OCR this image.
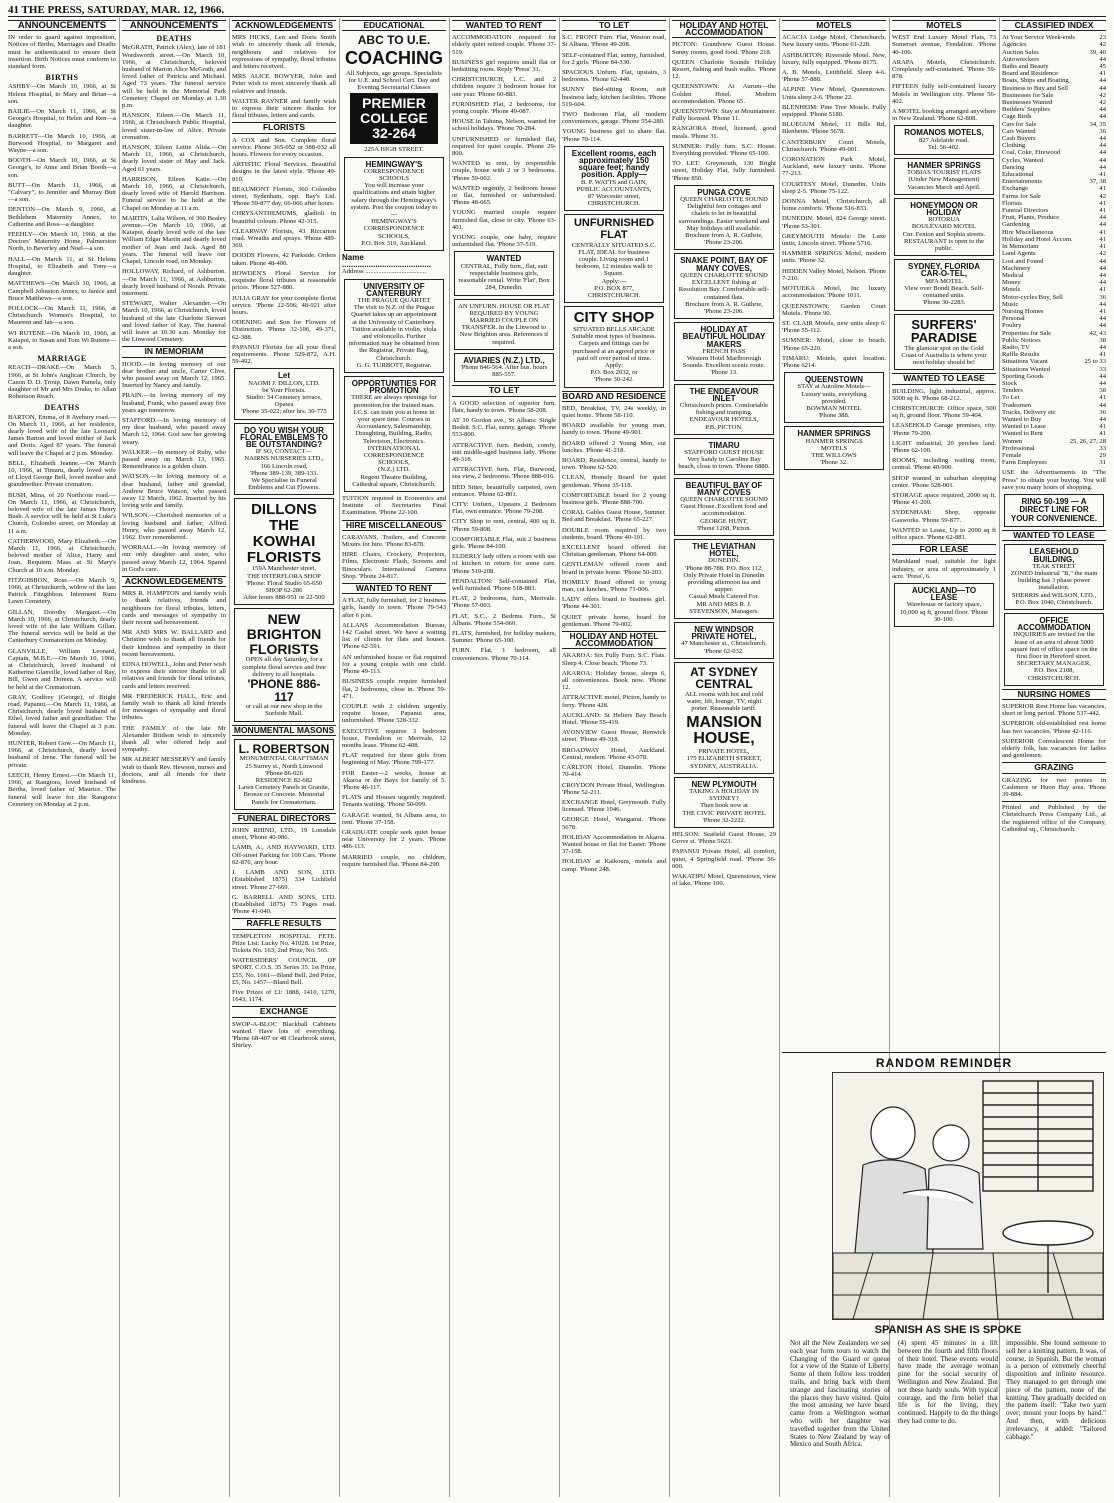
41 THE PRESS, SATURDAY, MAR. 12, 1966.
ANNOUNCEMENTS
IN order to guard against imposition, Notices of Births, Marriages and Deaths must be authenticated to ensure their insertion. Birth Notices must conform to standard form.
BIRTHS
ASHBY—On March 10, 1966, at St Helens Hospital, to Mary and Brian—a son.
BAILIE—On March 11, 1966, at St George's Hospital, to Helen and Ken—a daughter.
BARRETT—On March 10, 1966, at Burwood Hospital, to Margaret and Wayne—a son.
BOOTH—On March 10, 1966, at St George's, to Anne and Brian Booth—a son.
BUTT—On March 11, 1966, at "Calvary", to Jennifer and Murray Butt—a son.
DENTON—On March 9, 1966, at Bethlehem Maternity Annex, to Catherine and Ross—a daughter.
FEEHLY—On March 10, 1966, at the Doctors' Maternity Home, Palmerston North, to Beverley and Noel—a son.
HALL—On March 11, at St Helens Hospital, to Elizabeth and Tony—a daughter.
MATTHEWS—On March 10, 1966, at Campbell Johnston Annex, to Janice and Bruce Matthews—a son.
POLLOCK—On March 11, 1966, at Christchurch Women's Hospital, to Maureen and Ian—a son.
WI RUTENE—On March 10, 1966, at Kaiapoi, to Susan and Tom Wi Rutene—a son.
MARRIAGE
REACH—DRAKE—On March 5, 1966, at St John's Anglican Church, by Canon D. D. Troup, Dawn Pamela, only daughter of Mr and Mrs Drake, to Allan Robertson Reach.
DEATHS
BARTON, Emma, of 8 Avebury road.—On March 11, 1966, at her residence, dearly loved wife of the late Leonard James Barton and loved mother of Jack and Doris. Aged 87 years. The funeral will leave the Chapel at 2 p.m. Monday.
BELL, Elizabeth Jeanne.—On March 10, 1966, at Timaru, dearly loved wife of Lloyd George Bell, loved mother and grandmother. Private cremation.
BUSH, Mina, of 20 Northcote road.—On March 11, 1966, at Christchurch, beloved wife of the late James Henry Bush. A service will be held at St Luke's Church, Colombo street, on Monday at 11 a.m.
CATHERWOOD, Mary Elizabeth.—On March 11, 1966, at Christchurch, beloved mother of Alice, Harry and Joan. Requiem Mass at St Mary's Church at 10 a.m. Monday.
FITZGIBBON, Rose.—On March 9, 1966, at Christchurch, widow of the late Patrick Fitzgibbon. Interment Ruru Lawn Cemetery.
GILLAN, Dorothy Margaret.—On March 10, 1966, at Christchurch, dearly loved wife of the late William Gillan. The funeral service will be held at the Canterbury Crematorium on Monday.
GLANVILLE, William Leonard, Captain, M.B.E.—On March 10, 1966, at Christchurch, loved husband of Katherine Glanville, loved father of Ray, Bill, Gwen and Doreen. A service will be held at the Crematorium.
GRAY, Godfrey (George), of Bright road, Papanui.—On March 11, 1966, at Christchurch, dearly loved husband of Ethel, loved father and grandfather. The funeral will leave the Chapel at 3 p.m. Monday.
HUNTER, Robert Gow.—On March 11, 1966, at Christchurch, dearly loved husband of Irene. The funeral will be private.
LEECH, Henry Ernest.—On March 11, 1966, at Rangiora, loved husband of Bertha, loved father of Maurice. The funeral will leave for the Rangiora Cemetery on Monday at 2 p.m.
ANNOUNCEMENTS
DEATHS
McGRATH, Patrick (Alex), late of 181 Wordsworth street.—On March 10, 1966, at Christchurch, beloved husband of Marion Alice McGrath, and loved father of Patricia and Michael. Aged 73 years. The funeral service will be held in the Memorial Park Cemetery Chapel on Monday at 1.30 p.m.
HANSON, Eileen.—On March 11, 1966, at Christchurch Public Hospital, loved sister-in-law of Alice. Private cremation.
HANSON, Eileen Lettie Alida.—On March 11, 1966, at Christchurch, dearly loved sister of May and Jack. Aged 61 years.
HARRISON, Eileen Katie.—On March 10, 1966, at Christchurch, dearly loved wife of Harold Harrison. Funeral service to be held at the Chapel on Monday at 11 a.m.
MARTIN, Lalia Wilson, of 360 Bealey avenue.—On March 10, 1966, at Kaiapoi, dearly loved wife of the late William Edgar Martin and dearly loved mother of Jean and Jack. Aged 80 years. The funeral will leave our Chapel, Lincoln road, on Monday.
HOLLOWAY, Richard, of Ashburton.—On March 11, 1966, at Ashburton, dearly loved husband of Norah. Private interment.
STEWART, Walter Alexander.—On March 10, 1966, at Christchurch, loved husband of the late Charlotte Stewart and loved father of Kay. The funeral will leave at 10.30 a.m. Monday for the Linwood Cemetery.
IN MEMORIAM
HOOD.—In loving memory of our dear brother and uncle, Carter Clive, who passed away on March 12, 1965. Inserted by Nancy and family.
PRAIN.—In loving memory of my husband, Frank, who passed away five years ago tomorrow.
STAFFORD.—In loving memory of my dear husband, who passed away March 12, 1964. God saw her growing weary.
WALKER.—In memory of Ruby, who passed away on March 13, 1965. Remembrance is a golden chain.
WATSON.—In loving memory of a dear husband, father and grandad, Andrew Bruce Watson, who passed away 12 March, 1962. Inserted by his loving wife and family.
WILSON.—Cherished memories of a loving husband and father, Alfred Henry, who passed away March 12, 1962. Ever remembered.
WORRALL.—In loving memory of our only daughter and sister, who passed away March 12, 1964. Spared in God's care.
ACKNOWLEDGEMENTS
MRS R. HAMPTON and family wish to thank relatives, friends and neighbours for floral tributes, letters, cards and messages of sympathy in their recent sad bereavement.
MR AND MRS W. BALLARD and Christine wish to thank all friends for their kindness and sympathy in their recent bereavement.
EDNA HOWELL, John and Peter wish to express their sincere thanks to all relatives and friends for floral tributes, cards and letters received.
MR FREDERICK HALL, Eric and family wish to thank all kind friends for messages of sympathy and floral tributes.
THE FAMILY of the late Mr Alexander Bridson wish to sincerely thank all who offered help and sympathy.
MR ALBERT MESSERVY and family wish to thank Rev. Hewson, nurses and doctors, and all friends for their kindness.
ACKNOWLEDGEMENTS
MRS HICKS, Len and Doris Smith wish to sincerely thank all friends, neighbours and relatives for expressions of sympathy, floral tributes and letters received.
MRS ALICE BOWYER, John and Peter wish to most sincerely thank all relatives and friends.
WALTER RAYNER and family wish to express their sincere thanks for floral tributes, letters and cards.
FLORISTS
A COX and Son. Complete floral service. Phone 365-052 or 388-032 all hours. Flowers for every occasion.
ARTISTIC Floral Services. Beautiful designs in the latest style. 'Phone 49-810.
BEAUMONT Florists, 360 Colombo street, Sydenham, opp. Bay's Ltd. 'Phone 59-877 day, 66-066 after hours.
CHRYSANTHEMUMS, gladioli in beautiful colours. Phone 42-315.
CLEARWAY Florists, 43 Riccarton road. Wreaths and sprays. 'Phone 489-369.
DODDS Flowers, 42 Parkside. Orders taken. Phone 48-400.
HOWDEN'S Floral Service for exquisite floral tributes at reasonable prices. 'Phone 527-880.
JULIA GRAY for your complete florist service. 'Phone 22-506; 48-921 after hours.
ODENING and Son for Flowers of Distinction. 'Phone 32-106, 49-371, 62-388.
PAPANUI Florists for all your floral requirements. Phone 529-872, A.H. 59-492.
Let
NAOMI J. DILLON, LTD.
be Your Florists.
Studio: 34 Cemetery terrace, Opawa
'Phone 35-022; after hrs. 30-775
DO YOU WISH YOUR FLORAL EMBLEMS TO BE OUTSTANDING?
IF SO, CONTACT—
NAIRNS NURSERIES LTD.,
166 Lincoln road,
'Phone 389-139, 389-133.
We Specialise in Funeral Emblems and Cut Flowers.
DILLONS
THE KOWHAI
FLORISTS
159A Manchester street,
THE INTERFLORA SHOP
'Phone: Floral Studio 65-650
SHOP 62-286
After hours 888-951 or 22-500
NEW BRIGHTON
FLORISTS
OPEN all day Saturday, for a complete floral service and free delivery to all hospitals.
'PHONE 886-117
or call at our new shop in the Surfside Mall.
MONUMENTAL MASONS
L. ROBERTSON
MONUMENTAL CRAFTSMAN
25 Surrey st., North Linwood
'Phone 86-026
RESIDENCE 82-682
Lawn Cemetery Panels in Granite, Bronze or Concrete. Memorial Panels for Crematorium.
FUNERAL DIRECTORS
JOHN RHIND, LTD., 19 Lonsdale street, 'Phone 40-986.
LAMB, A., AND HAYWARD, LTD. Off-street Parking for 100 Cars. 'Phone 62-876, any hour.
J. LAMB AND SON, LTD. (Established 1875) 334 Lichfield street. 'Phone 27-669.
G. BARRELL AND SONS, LTD. (Established 1875) 73 Pages road. 'Phone 41-040.
RAFFLE RESULTS
TEMPLETON HOSPITAL FETE. Prize List: Lucky No. 41028. 1st Prize, Tickets No. 163; 2nd Prize, No. 565.
WATERSIDERS' COUNCIL OF SPORT. C.O.S. 35 Series 35. 1st Prize, £55, No. 1661—Bland Bell. 2nd Prize, £5, No. 1457—Bland Bell.
Five Prizes of £1: 1888, 1410, 1270, 1643, 1174.
EXCHANGE
SWOP-A-BLOC Blackball Cabinets wanted. Have lots of everything. 'Phone 68-407 or 48 Clearbrook street, Shirley.
EDUCATIONAL
ABC TO U.E.
COACHING
All Subjects, age groups. Specialists for U.E. and School Cert. Day and Evening Secretarial Classes
PREMIER
COLLEGE
32-264
225A HIGH STREET.
HEMINGWAY'S
CORRESPONDENCE
SCHOOLS
You will increase your qualifications and attain higher salary through the Hemingway's system. Post the coupon today to—
HEMINGWAY'S CORRESPONDENCE SCHOOLS,
P.O. Box 319, Auckland.
Name ........................................
Address .....................................
UNIVERSITY OF CANTERBURY
THE PRAGUE QUARTET
The visit to N.Z. of the Prague Quartet takes up an appointment at the University of Canterbury. Tuition available in violin, viola and violoncello. Further information may be obtained from the Registrar, Private Bag, Christchurch.
G. G. TURBOTT, Registrar.
OPPORTUNITIES FOR PROMOTION
THERE are always openings for promotion for the trained man. I.C.S. can train you at home in your spare time. Courses in Accountancy, Salesmanship, Draughting, Building, Radio, Television, Electronics.
INTERNATIONAL CORRESPONDENCE SCHOOLS,
(N.Z.) LTD.
Regent Theatre Building, Cathedral square, Christchurch.
TUITION required in Economics and Institute of Secretaries Final Examination. 'Phone 22-100.
HIRE MISCELLANEOUS
CARAVANS, Trailers, and Concrete Mixers for hire. 'Phone 83-878.
HIRE Chairs, Crockery, Projectors, Films, Electronic Flash, Screens and Binoculars. International Camera Shop. 'Phone 24-817.
WANTED TO RENT
A FLAT, fully furnished, for 2 business girls, handy to town. 'Phone 79-543 after 6 p.m.
ALLANS Accommodation Bureau, 142 Cashel street. We have a waiting list of clients for flats and houses. 'Phone 62-591.
AN unfurnished house or flat required for a young couple with one child. 'Phone 49-113.
BUSINESS couple require furnished flat, 2 bedrooms, close in. 'Phone 59-471.
COUPLE with 2 children urgently require house, Papanui area, unfurnished. 'Phone 528-332.
EXECUTIVE requires 3 bedroom house, Fendalton or Merivale, 12 months lease. 'Phone 62-408.
FLAT required for three girls from beginning of May. 'Phone 799-177.
FOR Easter—2 weeks, house at Akaroa or the Bays for family of 5. 'Phone 46-117.
FLATS and Houses urgently required. Tenants waiting. 'Phone 50-099.
GARAGE wanted, St Albans area, to rent. 'Phone 37-158.
GRADUATE couple seek quiet house near University for 2 years. 'Phone 486-113.
MARRIED couple, no children, require furnished flat. 'Phone 84-290.
WANTED TO RENT
ACCOMMODATION required for elderly quiet retired couple. 'Phone 37-519.
BUSINESS girl requires small flat or bedsitting room. Reply 'Press' 31.
CHRISTCHURCH, L.C. and 2 children require 3 bedroom house for one year. 'Phone 60-883.
FURNISHED Flat, 2 bedrooms, for young couple. 'Phone 49-087.
HOUSE in Tahuna, Nelson, wanted for school holidays. 'Phone 70-284.
UNFURNISHED or furnished flat, required for quiet couple. 'Phone 29-800.
WANTED to rent, by responsible couple, house with 2 or 3 bedrooms. 'Phone 59-002.
WANTED urgently, 2 bedroom house or flat, furnished or unfurnished. 'Phone 48-665.
YOUNG married couple require furnished flat, close to city. 'Phone 63-401.
YOUNG couple, one baby, require unfurnished flat. 'Phone 37-519.
WANTED
CENTRAL, Fully furn., flat, suit respectable business girls, reasonable rental. Write 'Flat', Box 284, Dunedin.
AN UNFURN. HOUSE OR FLAT REQUIRED BY YOUNG MARRIED COUPLE ON TRANSFER. In the Linwood to New Brighton area. References if required.
AVIARIES (N.Z.) LTD.,
'Phone 846-564. After bus. hours 885-557.
TO LET
A GOOD selection of superior furn. flats, handy to town. 'Phone 58-208.
AT 10 Gordon ave., St Albans: Single Bedsit. S.C. Flat, sunny, garage. 'Phone 553-800.
ATTRACTIVE furn. Bedsitt, comfy, suit middle-aged business lady. 'Phone 49-318.
ATTRACTIVE furn. Flat, Burwood, sea view, 2 bedrooms. 'Phone 888-016.
BED Sitter, beautifully carpeted, own entrance. 'Phone 62-801.
CITY: Unfurn., Upstairs 2 Bedroom Flat, own entrance. 'Phone 79-208.
CITY Shop to rent, central, 400 sq ft. 'Phone 59-808.
COMFORTABLE Flat, suit 2 business girls. 'Phone 84-100.
ELDERLY lady offers a room with use of kitchen in return for some care. 'Phone 519-208.
FENDALTON: Self-contained Flat, well furnished. 'Phone 518-883.
FLAT, 2 bedrooms, furn., Merivale. 'Phone 57-003.
FLAT, S.C., 2 Bedrms. Furn., St Albans. 'Phone 554-060.
FLATS, furnished, for holiday makers, Sumner. 'Phone 65-100.
FURN. Flat, 1 bedroom, all conveniences. 'Phone 70-114.
TO LET
S.C. FRONT Furn. Flat, Weston road, St Albans. 'Phone 49-208.
SELF-contained Flat, sunny, furnished, for 2 girls. 'Phone 84-330.
SPACIOUS Unfurn. Flat, upstairs, 3 bedrooms. 'Phone 62-440.
SUNNY Bed-sitting Room, suit business lady, kitchen facilities. 'Phone 519-604.
TWO Bedroom Flat, all modern conveniences, garage. 'Phone 554-280.
YOUNG business girl to share flat. 'Phone 70-114.
Excellent rooms, each approximately 150 square feet; handy position. Apply—
B. P. WATTS and GAIN,
PUBLIC ACCOUNTANTS,
87 Worcester street,
CHRISTCHURCH.
UNFURNISHED FLAT
CENTRALLY SITUATED S.C. FLAT, IDEAL for business couple. Living room and 1 bedroom, 12 minutes walk to Square.
Apply:—
P.O. BOX 877,
CHRISTCHURCH.
CITY SHOP
SITUATED BELLS ARCADE
Suitable most types of business. Carpets and fittings can be purchased at an agreed price or paid off over period of time.
Apply:
P.O. Box 2032, or
'Phone 30-242.
BOARD AND RESIDENCE
BED, Breakfast, TV, 24s weekly, in quiet home. 'Phone 58-110.
BOARD available for young man, handy to town. 'Phone 49-901.
BOARD offered 2 Young Men, cut lunches. 'Phone 41-218.
BOARD, Residence, central, handy to town. 'Phone 62-520.
CLEAN, Homely Board for quiet gentleman. 'Phone 35-118.
COMFORTABLE board for 2 young business girls. 'Phone 888-700.
CORAL Gables Guest House, Sumner. Bed and Breakfast. 'Phone 65-227.
DOUBLE room required by two students, board. 'Phone 40-101.
EXCELLENT board offered for Christian gentleman. 'Phone 64-009.
GENTLEMAN offered room and board in private home. 'Phone 50-203.
HOMELY Board offered to young man, cut lunches. 'Phone 71-006.
LADY offers board to business girl. 'Phone 44-301.
QUIET private home, board for gentleman. 'Phone 79-002.
HOLIDAY AND HOTEL ACCOMMODATION
AKAROA: Six Fully Furn. S.C. Flats. Sleep 4. Close beach. 'Phone 73.
AKAROA: Holiday house, sleeps 6, all conveniences. Book now. 'Phone 12.
ATTRACTIVE motel, Picton, handy to ferry. 'Phone 428.
AUCKLAND: St Heliers Bay Beach Hotel. 'Phone 55-419.
AVONVIEW Guest House, Renwick street. 'Phone 49-318.
BROADWAY Hotel, Auckland. Central, modern. 'Phone 43-078.
CARLTON Hotel, Dunedin. 'Phone 70-414.
CROYDON Private Hotel, Wellington. 'Phone 52-211.
EXCHANGE Hotel, Greymouth. Fully licensed. 'Phone 1046.
GEORGE Hotel, Wanganui. 'Phone 5678.
HOLIDAY Accommodation in Akaroa. Wanted house or flat for Easter. 'Phone 37-158.
HOLIDAY at Kaikoura, motels and camp. 'Phone 248.
HOLIDAY AND HOTEL ACCOMMODATION
PICTON: Grandview Guest House. Sunny rooms, good food. 'Phone 218.
QUEEN Charlotte Sounds Holiday Resort, fishing and bush walks. 'Phone 12.
QUEENSTOWN: At Aurum—the Golden Hotel. Modern accommodation. 'Phone 65.
QUEENSTOWN: Stay at Mountaineer. Fully licensed. 'Phone 11.
RANGIORA Hotel, licensed, good meals. 'Phone 31.
SUMNER: Fully furn. S.C. House. Everything provided. 'Phone 65-100.
TO LET: Greymouth, 130 Bright street, Holiday Flat, fully furnished. 'Phone 850.
PUNGA COVE
QUEEN CHARLOTTE SOUND
Delightful fern cottages and chalets to let in beautiful surroundings. Easter weekend and May holidays still available.
Brochure from A. R. Guthrie, 'Phone 23-206.
SNAKE POINT, BAY OF MANY COVES,
QUEEN CHARLOTTE SOUND
EXCELLENT fishing at Resolution Bay. Comfortable self-contained flats.
Brochure from A. R. Guthrie, 'Phone 23-206.
HOLIDAY AT BEAUTIFUL HOLIDAY MAKERS
FRENCH PASS
Western Hotel Marlborough Sounds. Excellent scenic route. 'Phone 13.
THE ENDEAVOUR INLET
Christchurch prices. Comfortable fishing and tramping.
ENDEAVOUR HOTELS,
P.B. PICTON.
TIMARU
STAFFORD GUEST HOUSE
Very handy to Caroline Bay beach, close to town. 'Phone 6880.
BEAUTIFUL BAY OF MANY COVES
QUEEN CHARLOTTE SOUND
Guest House. Excellent food and accommodation.
GEORGE HUNT,
'Phone 1268, Picton.
THE LEVIATHAN HOTEL,
DUNEDIN.
'Phone 88-788. P.O. Box 112,
Only Private Hotel in Dunedin providing afternoon tea and supper.
Casual Meals Catered For.
MR AND MRS R. J. STEVENSON, Managers.
NEW WINDSOR PRIVATE HOTEL,
47 Manchester st., Christchurch.
'Phone 62-032.
AT SYDNEY CENTRAL
ALL rooms with hot and cold water, lift, lounge, TV, night porter. Reasonable tariff.
MANSION HOUSE,
PRIVATE HOTEL,
175 ELIZABETH STREET,
SYDNEY, AUSTRALIA.
NEW PLYMOUTH
TAKING A HOLIDAY IN SYDNEY?
Then book now at
THE CIVIC PRIVATE HOTEL
'Phone 32-2222.
HELSON: Seafield Guest House, 29 Grove st. 'Phone 5623.
PAPANUI Private Hotel, all comfort, quiet, 4 Springfield road. 'Phone 56-000.
WAKATIPU Motel, Queenstown, view of lake. 'Phone 100.
MOTELS
ACACIA Lodge Motel, Christchurch. New luxury units. 'Phone 61-228.
ASHBURTON: Riverside Motel. New, luxury, fully equipped. 'Phone 8175.
A. B. Motels, Leithfield. Sleep 4-6. 'Phone 57-888.
ALPINE View Motel, Queenstown. Units sleep 2-6. 'Phone 22.
BLENHEIM: Pine Tree Motels. Fully equipped. 'Phone 5180.
BLUEGUM Motel, 11 Bills Rd, Blenheim. 'Phone 5678.
CANTERBURY Court Motels, Christchurch. 'Phone 49-001.
CORONATION Park Motel, Auckland, new luxury units. 'Phone 77-213.
COURTESY Motel, Dunedin. Units sleep 2-5. 'Phone 75-122.
DONNA Motel, Christchurch, all home comforts. 'Phone 516-833.
DUNEDIN: Motel, 824 George street. 'Phone 53-301.
GREYMOUTH Motels: De Luxe units, Lincoln street. 'Phone 5716.
HAMMER SPRINGS Motel, modern units. 'Phone 32.
HIDDEN Valley Motel, Nelson. 'Phone 7-210.
MOTUEKA Motel, Inc luxury accommodation. 'Phone 1011.
QUEENSTOWN: Garden Court Motels. 'Phone 90.
ST. CLAIR Motels, new units sleep 6. 'Phone 55-112.
SUMNER: Motel, close to beach. 'Phone 65-220.
TIMARU: Motels, quiet location. 'Phone 6214.
QUEENSTOWN
STAY at Autoline Motels—Luxury units, everything provided.
BOWMAN MOTEL
'Phone 388.
HANMER SPRINGS
HANMER SPRINGS
MOTELS
THE WILLOWS
'Phone 32.
MOTELS
WEST End Luxury Motel Flats, 73 Somerset avenue, Fendalton. 'Phone 40-106.
ARAPA Motels, Christchurch. Completely self-contained. 'Phone 59-878.
FIFTEEN fully self-contained luxury Motels in Wellington city. 'Phone 56-402.
A MOTEL booking arranged anywhere in New Zealand. 'Phone 62-808.
ROMANOS MOTELS,
827 Adelaide road.
Tel. 56-402.
HANMER SPRINGS
TOBIAS TOURIST FLATS
(Under New Management)
Vacancies March and April.
HONEYMOON OR HOLIDAY
ROTORUA
BOULEVARD MOTEL
Cnr. Fenton and Sophia streets.
RESTAURANT is open to the public.
SYDNEY, FLORIDA CAR-O-TEL,
MFA MOTEL
View over Bondi Beach. Self-contained units.
'Phone 30-2283.
SURFERS' PARADISE
The glamour spot on the Gold Coast of Australia is where your next holiday should be!
WANTED TO LEASE
BUILDING, light industrial, approx. 5000 sq ft. 'Phone 68-212.
CHRISTCHURCH: Office space, 500 sq ft, ground floor. 'Phone 59-404.
LEASEHOLD Garage premises, city. 'Phone 79-200.
LIGHT industrial, 20 perches land. 'Phone 62-100.
ROOMS, including waiting room, central. 'Phone 40-900.
SHOP wanted in suburban shopping centre. 'Phone 528-001.
STORAGE space required, 2000 sq ft. 'Phone 41-200.
SYDENHAM: Shop, opposite Gasworks. 'Phone 59-877.
WANTED to Lease, Up to 2000 sq ft office space. 'Phone 62-881.
FOR LEASE
Marshland road, suitable for light industry, or area of approximately 1 acre. 'Press', 6.
AUCKLAND—TO LEASE
Warehouse or factory space, 10,000 sq ft, ground floor. 'Phone 30-100.
CLASSIFIED INDEX
At Your Service Week-ends	23
Agencies	42
Auction Sales	39, 40
Autowreckers	44
Baths and Beauty	45
Board and Residence	41
Boats, Ships and Boating	44
Business to Buy and Sell	44
Businesses for Sale	42
Businesses Wanted	42
Builders' Supplies	44
Cage Birds	44
Cars for Sale	34, 35
Cars Wanted	36
Cash Buyers	44
Clothing	44
Coal, Coke, Firewood	44
Cycles, Wanted	44
Dancing	44
Educational	41
Entertainments	37, 38
Exchange	41
Farms for Sale	42
Florists	41
Funeral Directors	41
Fruit, Plants, Produce	44
Gardening	44
Hire Miscellaneous	41
Holiday and Hotel Accom.	41
In Memoriam	41
Land Agents	42
Lost and Found	44
Machinery	44
Medical	44
Money	44
Motels	41
Motor-cycles Buy, Sell	36
Music	44
Nursing Homes	41
Personal	44
Poultry	44
Properties for Sale	42, 43
Public Notices	38
Radio, TV	44
Raffle Results	41
Situations Vacant	25 to 33
Situations Wanted	33
Sporting Goods	44
Stock	44
Tenders	38
To Let	41
Tradesmen	44
Trucks, Delivery etc	36
Wanted to Buy	44
Wanted to Lease	41
Wanted to Rent	41
Women	25, 26, 27, 28
Professional	33
Female	29
Farm Employees	31
USE the Advertisements in "The Press" to obtain your buying. You will save you many hours of shopping.
RING 50-199 — A DIRECT LINE FOR YOUR CONVENIENCE.
WANTED TO LEASE
LEASEHOLD BUILDING,
TEAK STREET
ZONED Industrial "B," the main building has 3 phase power installation.
SHERRIS and WILSON, LTD.,
P.O. Box 1040, Christchurch.
OFFICE ACCOMMODATION
INQUIRIES are invited for the lease of an area of about 5000 square feet of office space on the first floor in Hereford street.
SECRETARY MANAGER,
P.O. Box 2108,
CHRISTCHURCH.
NURSING HOMES
SUPERIOR Rest Home has vacancies, short or long period. 'Phone 537-442.
SUPERIOR old-established rest home has two vacancies. 'Phone 42-116.
SUPERIOR Convalescent Home for elderly folk, has vacancies for ladies and gentlemen.
GRAZING
GRAZING for two ponies in Cashmere or Huon Hay area. 'Phone 39-884.
Printed and Published by the Christchurch Press Company Ltd., at the registered office of the Company, Cathedral sq., Christchurch.
RANDOM REMINDER
SPANISH AS SHE IS SPOKE
Not all the New Zealanders we see each year form tours to watch the Changing of the Guard or queue for a view of the Statue of Liberty. Some of them follow less trodden trails, and bring back with them strange and fascinating stories of the places they have visited. Quite the most amusing we have heard came from a Wellington woman who with her daughter was travelled together from the United States to New Zealand by way of Mexico and South Africa.
(4) spent 45 minutes in a lift between the fourth and fifth floors of their hotel. These events would have made the average woman pine for the social security of Wellington and New Zealand. But not these hardy souls. With typical courage, and the firm belief that life is for the living, they continued. Happily to do the things they had come to do.
impossible. She found someone to sell her a knitting pattern. It was, of course, in Spanish. But the woman is a person of extremely cheerful disposition and infinite resource. They managed to get through one piece of the pattern, none of the knitting. They gradually decided on the pattern itself: "Take two yarn over; mount your loops by hand." And then, with delicious irrelevancy, it added: "Tailored cabbage."
